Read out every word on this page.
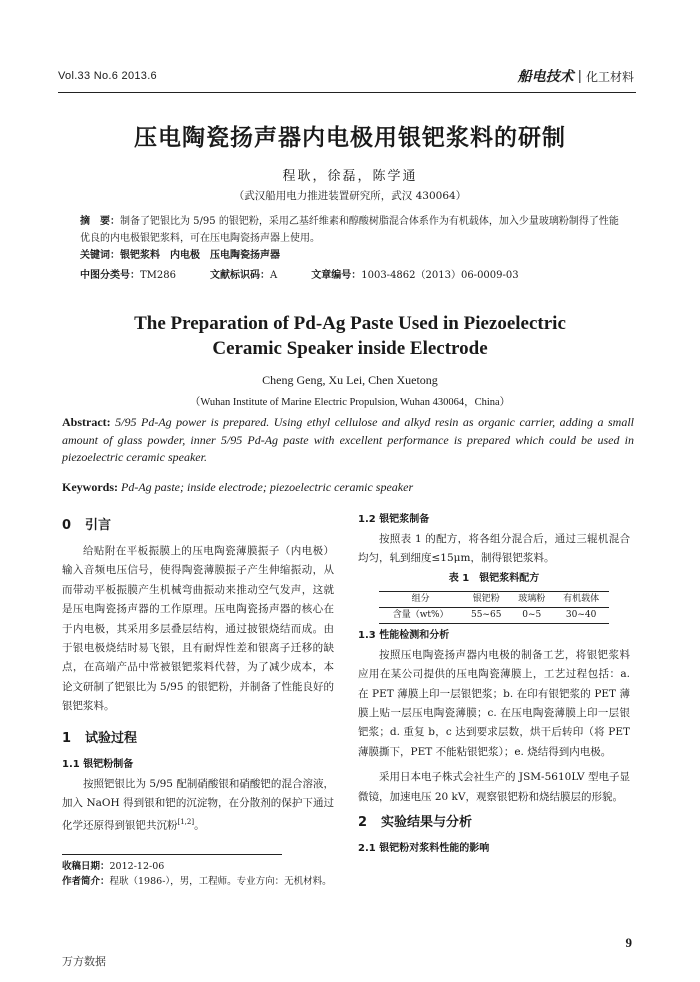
Vol.33 No.6 2013.6	船电技术 | 化工材料
压电陶瓷扬声器内电极用银钯浆料的研制
程耿，徐磊，陈学通
（武汉船用电力推进装置研究所，武汉 430064）
摘　要：制备了钯银比为 5/95 的银钯粉，采用乙基纤维素和醇酸树脂混合体系作为有机载体，加入少量玻璃粉制得了性能优良的内电极银钯浆料，可在压电陶瓷扬声器上使用。
关键词：银钯浆料　内电极　压电陶瓷扬声器
中图分类号：TM286	文献标识码：A	文章编号：1003-4862（2013）06-0009-03
The Preparation of Pd-Ag Paste Used in Piezoelectric
Ceramic Speaker inside Electrode
Cheng Geng, Xu Lei, Chen Xuetong
（Wuhan Institute of Marine Electric Propulsion, Wuhan 430064，China）
Abstract: 5/95 Pd-Ag power is prepared. Using ethyl cellulose and alkyd resin as organic carrier, adding a small amount of glass powder, inner 5/95 Pd-Ag paste with excellent performance is prepared which could be used in piezoelectric ceramic speaker.
Keywords: Pd-Ag paste; inside electrode; piezoelectric ceramic speaker
0 引言

给贴附在平板振膜上的压电陶瓷薄膜振子（内电极）输入音频电压信号，使得陶瓷薄膜振子产生伸缩振动，从而带动平板振膜产生机械弯曲振动来推动空气发声，这就是压电陶瓷扬声器的工作原理。压电陶瓷扬声器的核心在于内电极，其采用多层叠层结构，通过披银烧结而成。由于银电极烧结时易飞银，且有耐焊性差和银离子迁移的缺点，在高端产品中常被银钯浆料代替，为了减少成本，本论文研制了钯银比为 5/95 的银钯粉，并制备了性能良好的银钯浆料。

1 试验过程
1.1 银钯粉制备

按照钯银比为 5/95 配制硝酸银和硝酸钯的混合溶液，加入 NaOH 得到银和钯的沉淀物，在分散剂的保护下通过化学还原得到银钯共沉粉[1,2]。

1.2 银钯浆制备

按照表 1 的配方，将各组分混合后，通过三辊机混合均匀，轧到细度≤15μm，制得银钯浆料。

表 1　银钯浆料配方
组分	银钯粉	玻璃粉	有机载体
含量（wt%）	55~65	0~5	30~40
1.3 性能检测和分析

按照压电陶瓷扬声器内电极的制备工艺，将银钯浆料应用在某公司提供的压电陶瓷薄膜上，工艺过程包括：a. 在 PET 薄膜上印一层银钯浆；b. 在印有银钯浆的 PET 薄膜上贴一层压电陶瓷薄膜；c. 在压电陶瓷薄膜上印一层银钯浆；d. 重复 b，c 达到要求层数，烘干后转印（将 PET 薄膜撕下，PET 不能粘银钯浆）；e. 烧结得到内电极。

采用日本电子株式会社生产的 JSM-5610LV 型电子显微镜，加速电压 20 kV，观察银钯粉和烧结膜层的形貌。

2 实验结果与分析
2.1 银钯粉对浆料性能的影响
收稿日期：2012-12-06
作者简介：程耿（1986-），男，工程师。专业方向：无机材料。
9
万方数据
